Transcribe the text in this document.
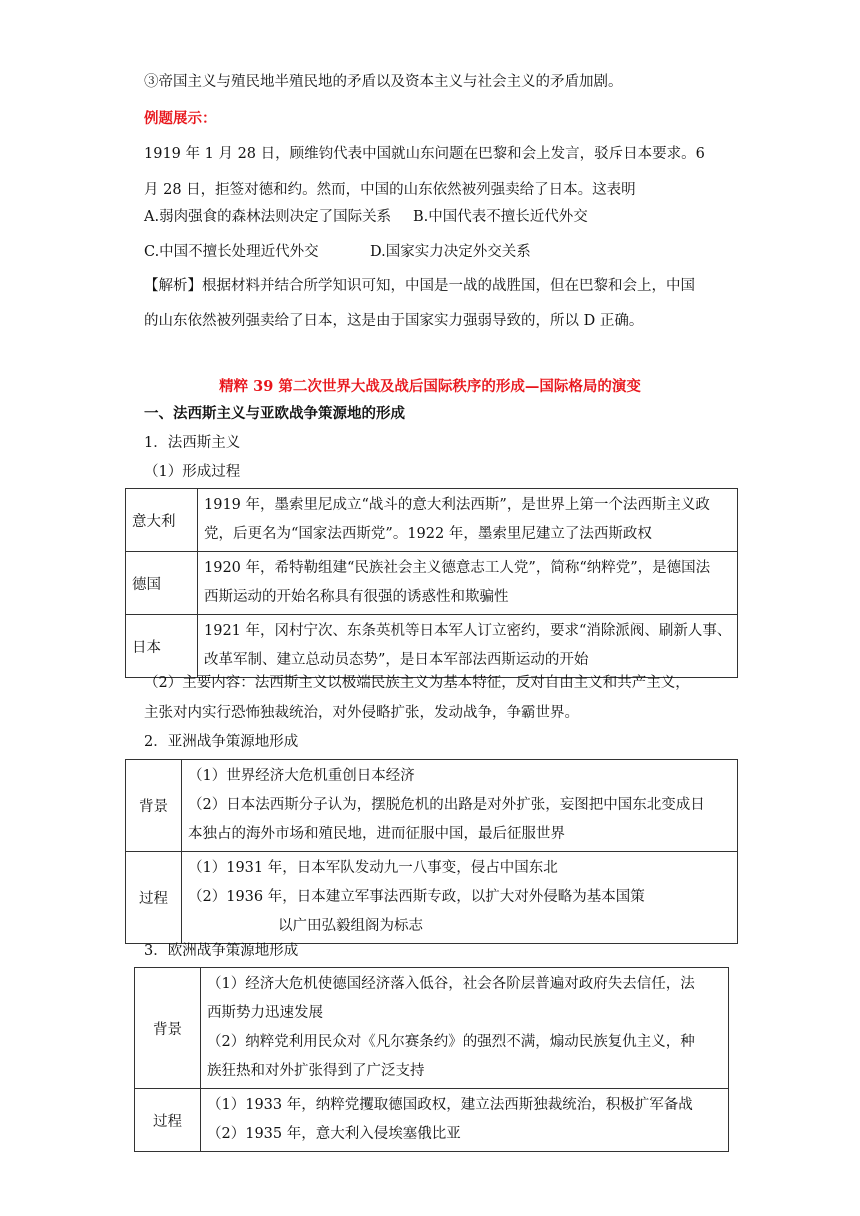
③帝国主义与殖民地半殖民地的矛盾以及资本主义与社会主义的矛盾加剧。
例题展示：
1919 年 1 月 28 日，顾维钧代表中国就山东问题在巴黎和会上发言，驳斥日本要求。6
月 28 日，拒签对德和约。然而，中国的山东依然被列强卖给了日本。这表明
A.弱肉强食的森林法则决定了国际关系 B.中国代表不擅长近代外交
C.中国不擅长处理近代外交	D.国家实力决定外交关系
【解析】根据材料并结合所学知识可知，中国是一战的战胜国，但在巴黎和会上，中国
的山东依然被列强卖给了日本，这是由于国家实力强弱导致的，所以 D 正确。
精粹 39 第二次世界大战及战后国际秩序的形成—国际格局的演变
一、法西斯主义与亚欧战争策源地的形成
1．法西斯主义
（1）形成过程
意大利	1919 年，墨索里尼成立“战斗的意大利法西斯”，是世界上第一个法西斯主义政
党，后更名为“国家法西斯党”。1922 年，墨索里尼建立了法西斯政权

德国	1920 年，希特勒组建“民族社会主义德意志工人党”，简称“纳粹党”，是德国法
西斯运动的开始名称具有很强的诱惑性和欺骗性

日本	1921 年，冈村宁次、东条英机等日本军人订立密约，要求“消除派阀、刷新人事、
改革军制、建立总动员态势”，是日本军部法西斯运动的开始
（2）主要内容：法西斯主义以极端民族主义为基本特征，反对自由主义和共产主义，
主张对内实行恐怖独裁统治，对外侵略扩张，发动战争，争霸世界。
2．亚洲战争策源地形成
背景	（1）世界经济大危机重创日本经济
（2）日本法西斯分子认为，摆脱危机的出路是对外扩张，妄图把中国东北变成日
本独占的海外市场和殖民地，进而征服中国，最后征服世界

过程	（1）1931 年，日本军队发动九一八事变，侵占中国东北
（2）1936 年，日本建立军事法西斯专政，以扩大对外侵略为基本国策
以广田弘毅组阁为标志
3．欧洲战争策源地形成
背景	（1）经济大危机使德国经济落入低谷，社会各阶层普遍对政府失去信任，法
西斯势力迅速发展
（2）纳粹党利用民众对《凡尔赛条约》的强烈不满，煽动民族复仇主义，种
族狂热和对外扩张得到了广泛支持

过程	（1）1933 年，纳粹党攫取德国政权，建立法西斯独裁统治，积极扩军备战
（2）1935 年，意大利入侵埃塞俄比亚
